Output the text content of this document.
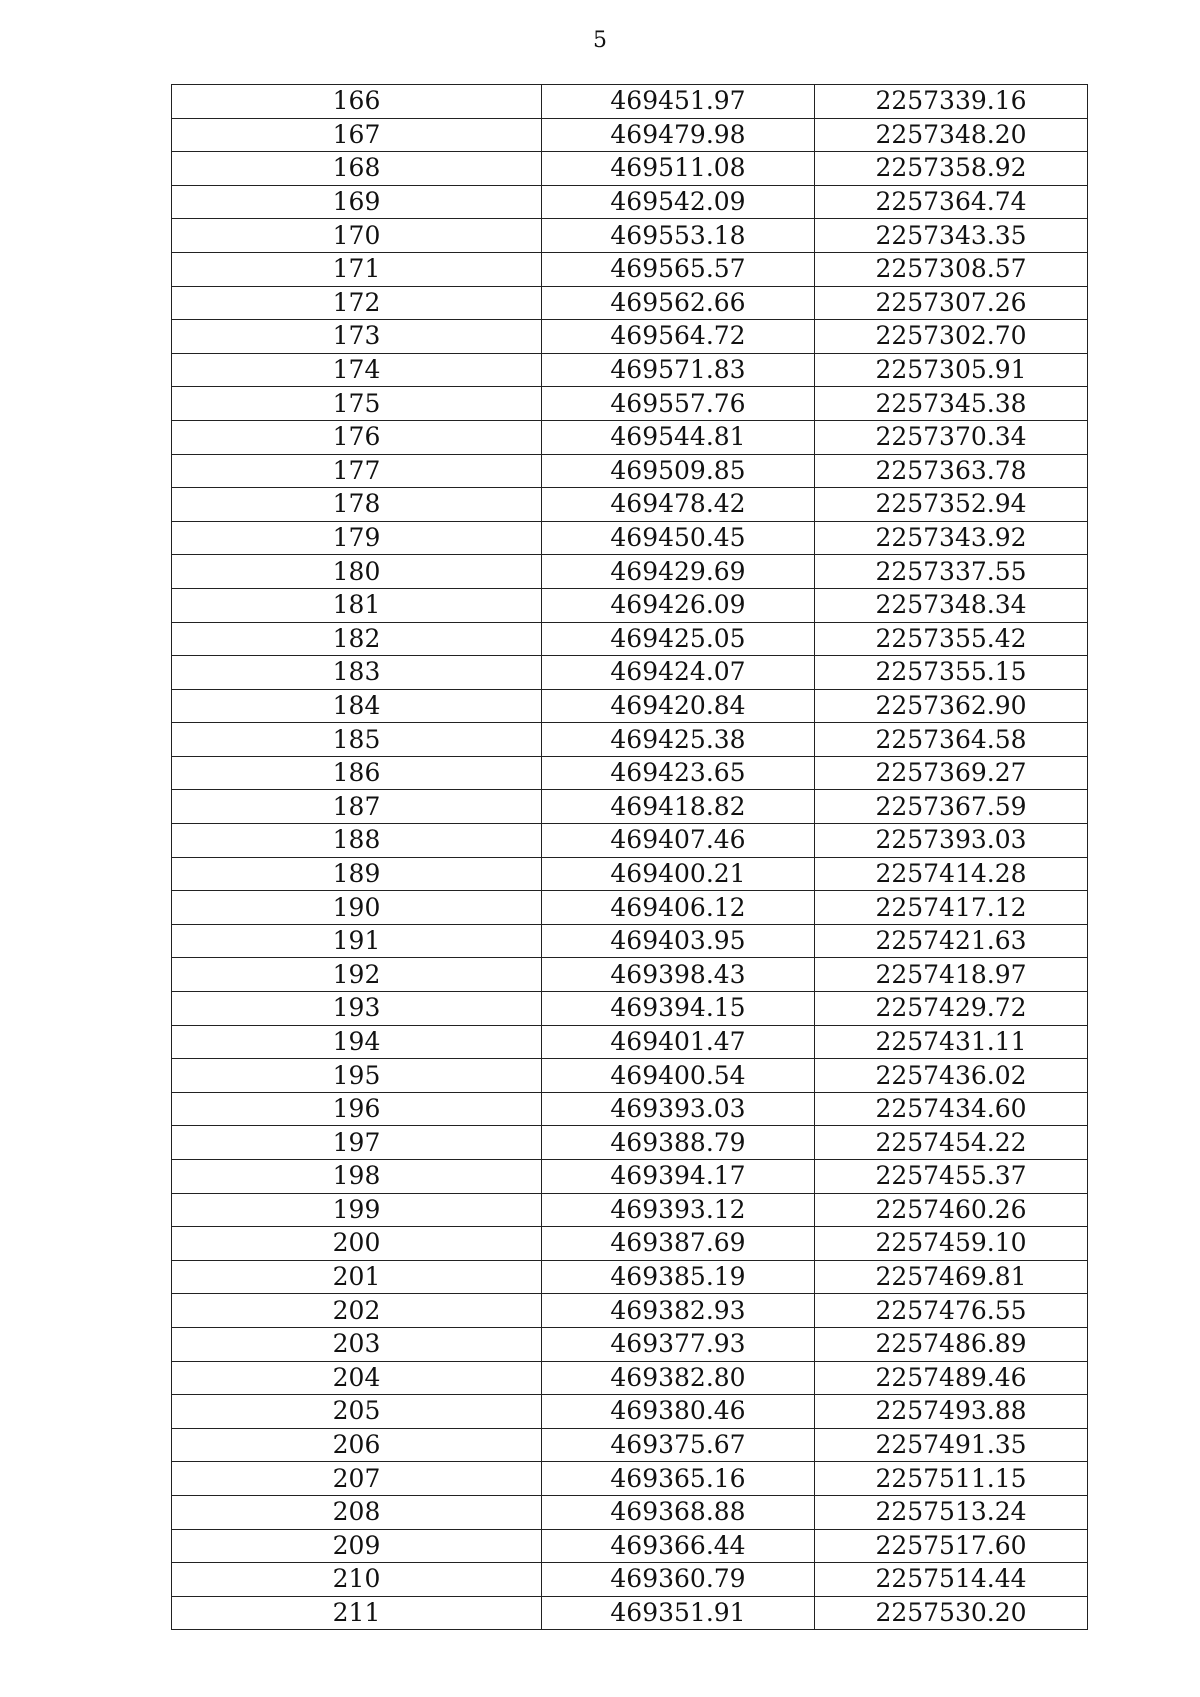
5
166	469451.97	2257339.16
167	469479.98	2257348.20
168	469511.08	2257358.92
169	469542.09	2257364.74
170	469553.18	2257343.35
171	469565.57	2257308.57
172	469562.66	2257307.26
173	469564.72	2257302.70
174	469571.83	2257305.91
175	469557.76	2257345.38
176	469544.81	2257370.34
177	469509.85	2257363.78
178	469478.42	2257352.94
179	469450.45	2257343.92
180	469429.69	2257337.55
181	469426.09	2257348.34
182	469425.05	2257355.42
183	469424.07	2257355.15
184	469420.84	2257362.90
185	469425.38	2257364.58
186	469423.65	2257369.27
187	469418.82	2257367.59
188	469407.46	2257393.03
189	469400.21	2257414.28
190	469406.12	2257417.12
191	469403.95	2257421.63
192	469398.43	2257418.97
193	469394.15	2257429.72
194	469401.47	2257431.11
195	469400.54	2257436.02
196	469393.03	2257434.60
197	469388.79	2257454.22
198	469394.17	2257455.37
199	469393.12	2257460.26
200	469387.69	2257459.10
201	469385.19	2257469.81
202	469382.93	2257476.55
203	469377.93	2257486.89
204	469382.80	2257489.46
205	469380.46	2257493.88
206	469375.67	2257491.35
207	469365.16	2257511.15
208	469368.88	2257513.24
209	469366.44	2257517.60
210	469360.79	2257514.44
211	469351.91	2257530.20
